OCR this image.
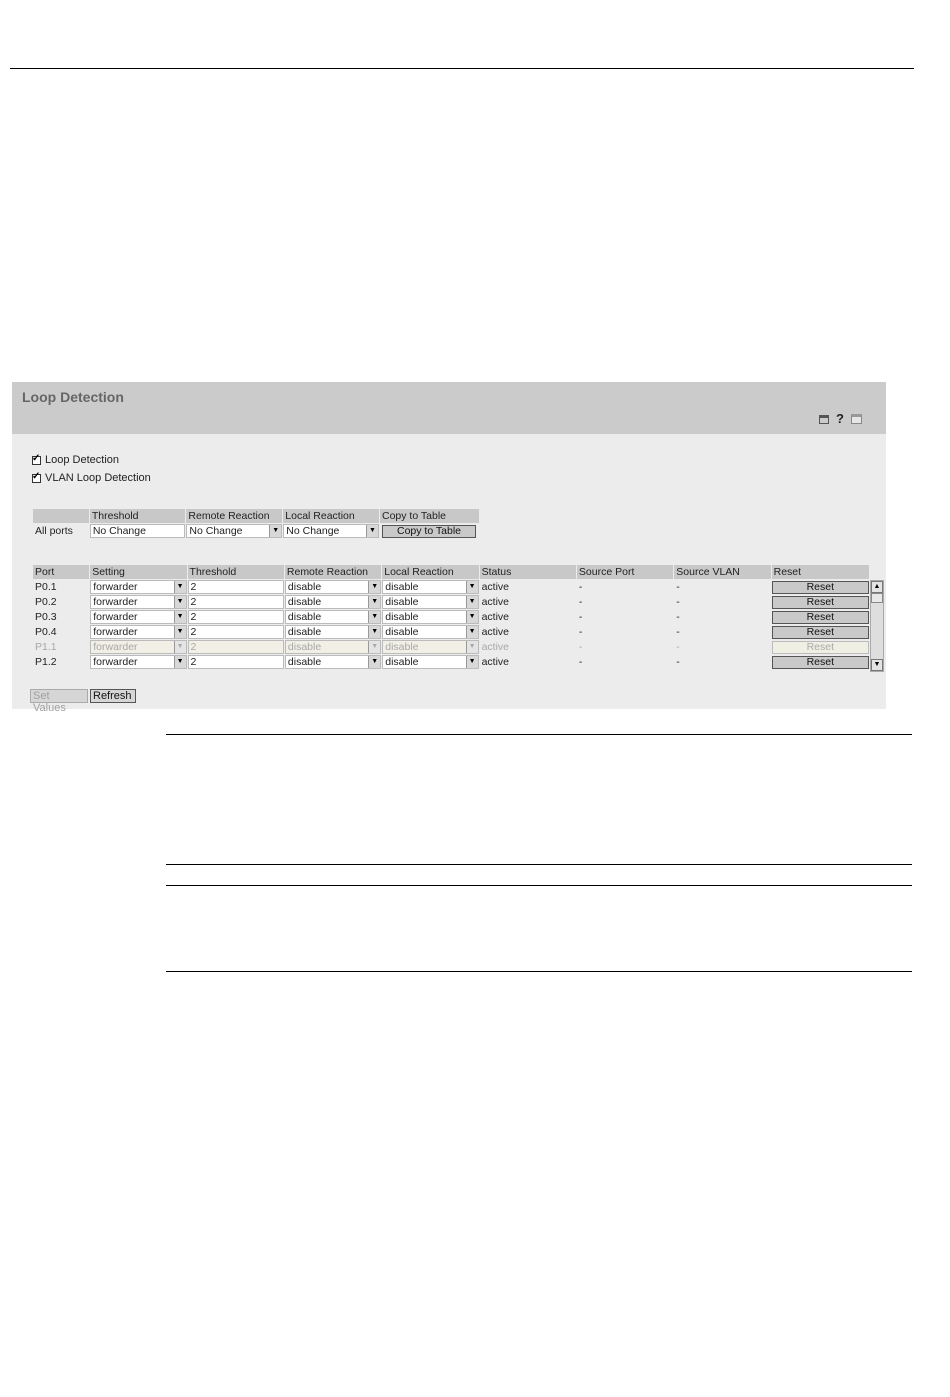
Loop Detection
?
✓
Loop Detection
✓
VLAN Loop Detection
	Threshold	Remote Reaction	Local Reaction	Copy to Table
All ports	No Change	No Change ▼	No Change ▼	Copy to Table
Port	Setting	Threshold	Remote Reaction	Local Reaction	Status	Source Port	Source VLAN	Reset
P0.1	forwarder ▼	2	disable ▼	disable ▼	active	-	-	Reset

P0.2	forwarder ▼	2	disable ▼	disable ▼	active	-	-	Reset

P0.3	forwarder ▼	2	disable ▼	disable ▼	active	-	-	Reset

P0.4	forwarder ▼	2	disable ▼	disable ▼	active	-	-	Reset

P1.1	forwarder ▼	2	disable ▼	disable ▼	active	-	-	Reset

P1.2	forwarder ▼	2	disable ▼	disable ▼	active	-	-	Reset
▲
▼
Set Values
Refresh
